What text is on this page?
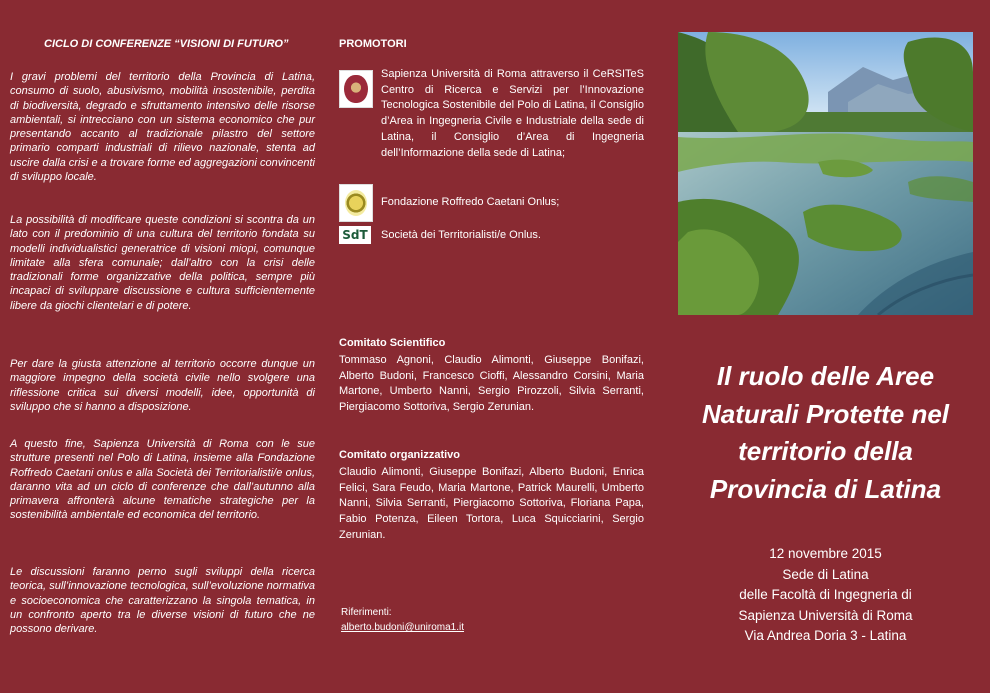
CICLO DI CONFERENZE “VISIONI DI FUTURO”

I gravi problemi del territorio della Provincia di Latina, consumo di suolo, abusivismo, mobilità insostenibile, perdita di biodiversità, degrado e sfruttamento intensivo delle risorse ambientali, si intrecciano con un sistema economico che pur presentando accanto al tradizionale pilastro del settore primario comparti industriali di rilievo nazionale, stenta ad uscire dalla crisi e a trovare forme ed aggregazioni convincenti di sviluppo locale.

La possibilità di modificare queste condizioni si scontra da un lato con il predominio di una cultura del territorio fondata su modelli individualistici generatrice di visioni miopi, comunque limitate alla sfera comunale; dall’altro con la crisi delle tradizionali forme organizzative della politica, sempre più incapaci di sviluppare discussione e cultura sufficientemente libere da giochi clientelari e di potere.

Per dare la giusta attenzione al territorio occorre dunque un maggiore impegno della società civile nello svolgere una riflessione critica sui diversi modelli, idee, opportunità di sviluppo che si hanno a disposizione.

A questo fine, Sapienza Università di Roma con le sue strutture presenti nel Polo di Latina, insieme alla Fondazione Roffredo Caetani onlus e alla Società dei Territorialisti/e onlus, daranno vita ad un ciclo di conferenze che dall’autunno alla primavera affronterà alcune tematiche strategiche per la sostenibilità ambientale ed economica del territorio.

Le discussioni faranno perno sugli sviluppi della ricerca teorica, sull’innovazione tecnologica, sull’evoluzione normativa e socioeconomica che caratterizzano la singola tematica, in un confronto aperto tra le diverse visioni di futuro che ne possono derivare.

PROMOTORI

Sapienza Università di Roma attraverso il CeRSITeS Centro di Ricerca e Servizi per l’Innovazione Tecnologica Sostenibile del Polo di Latina, il Consiglio d’Area in Ingegneria Civile e Industriale della sede di Latina, il Consiglio d’Area di Ingegneria dell’Informazione della sede di Latina;

Fondazione Roffredo Caetani Onlus;

SdT Società dei Territorialisti/e Onlus.

Comitato Scientifico

Tommaso Agnoni, Claudio Alimonti, Giuseppe Bonifazi, Alberto Budoni, Francesco Cioffi, Alessandro Corsini, Maria Martone, Umberto Nanni, Sergio Pirozzoli, Silvia Serranti, Piergiacomo Sottoriva, Sergio Zerunian.

Comitato organizzativo

Claudio Alimonti, Giuseppe Bonifazi, Alberto Budoni, Enrica Felici, Sara Feudo, Maria Martone, Patrick Maurelli, Umberto Nanni, Silvia Serranti, Piergiacomo Sottoriva, Floriana Papa, Fabio Potenza, Eileen Tortora, Luca Squicciarini, Sergio Zerunian.

Riferimenti:
alberto.budoni@uniroma1.it

Il ruolo delle Aree

Naturali Protette nel

territorio della

Provincia di Latina

12 novembre 2015
Sede di Latina
delle Facoltà di Ingegneria di
Sapienza Università di Roma
Via Andrea Doria 3 - Latina
